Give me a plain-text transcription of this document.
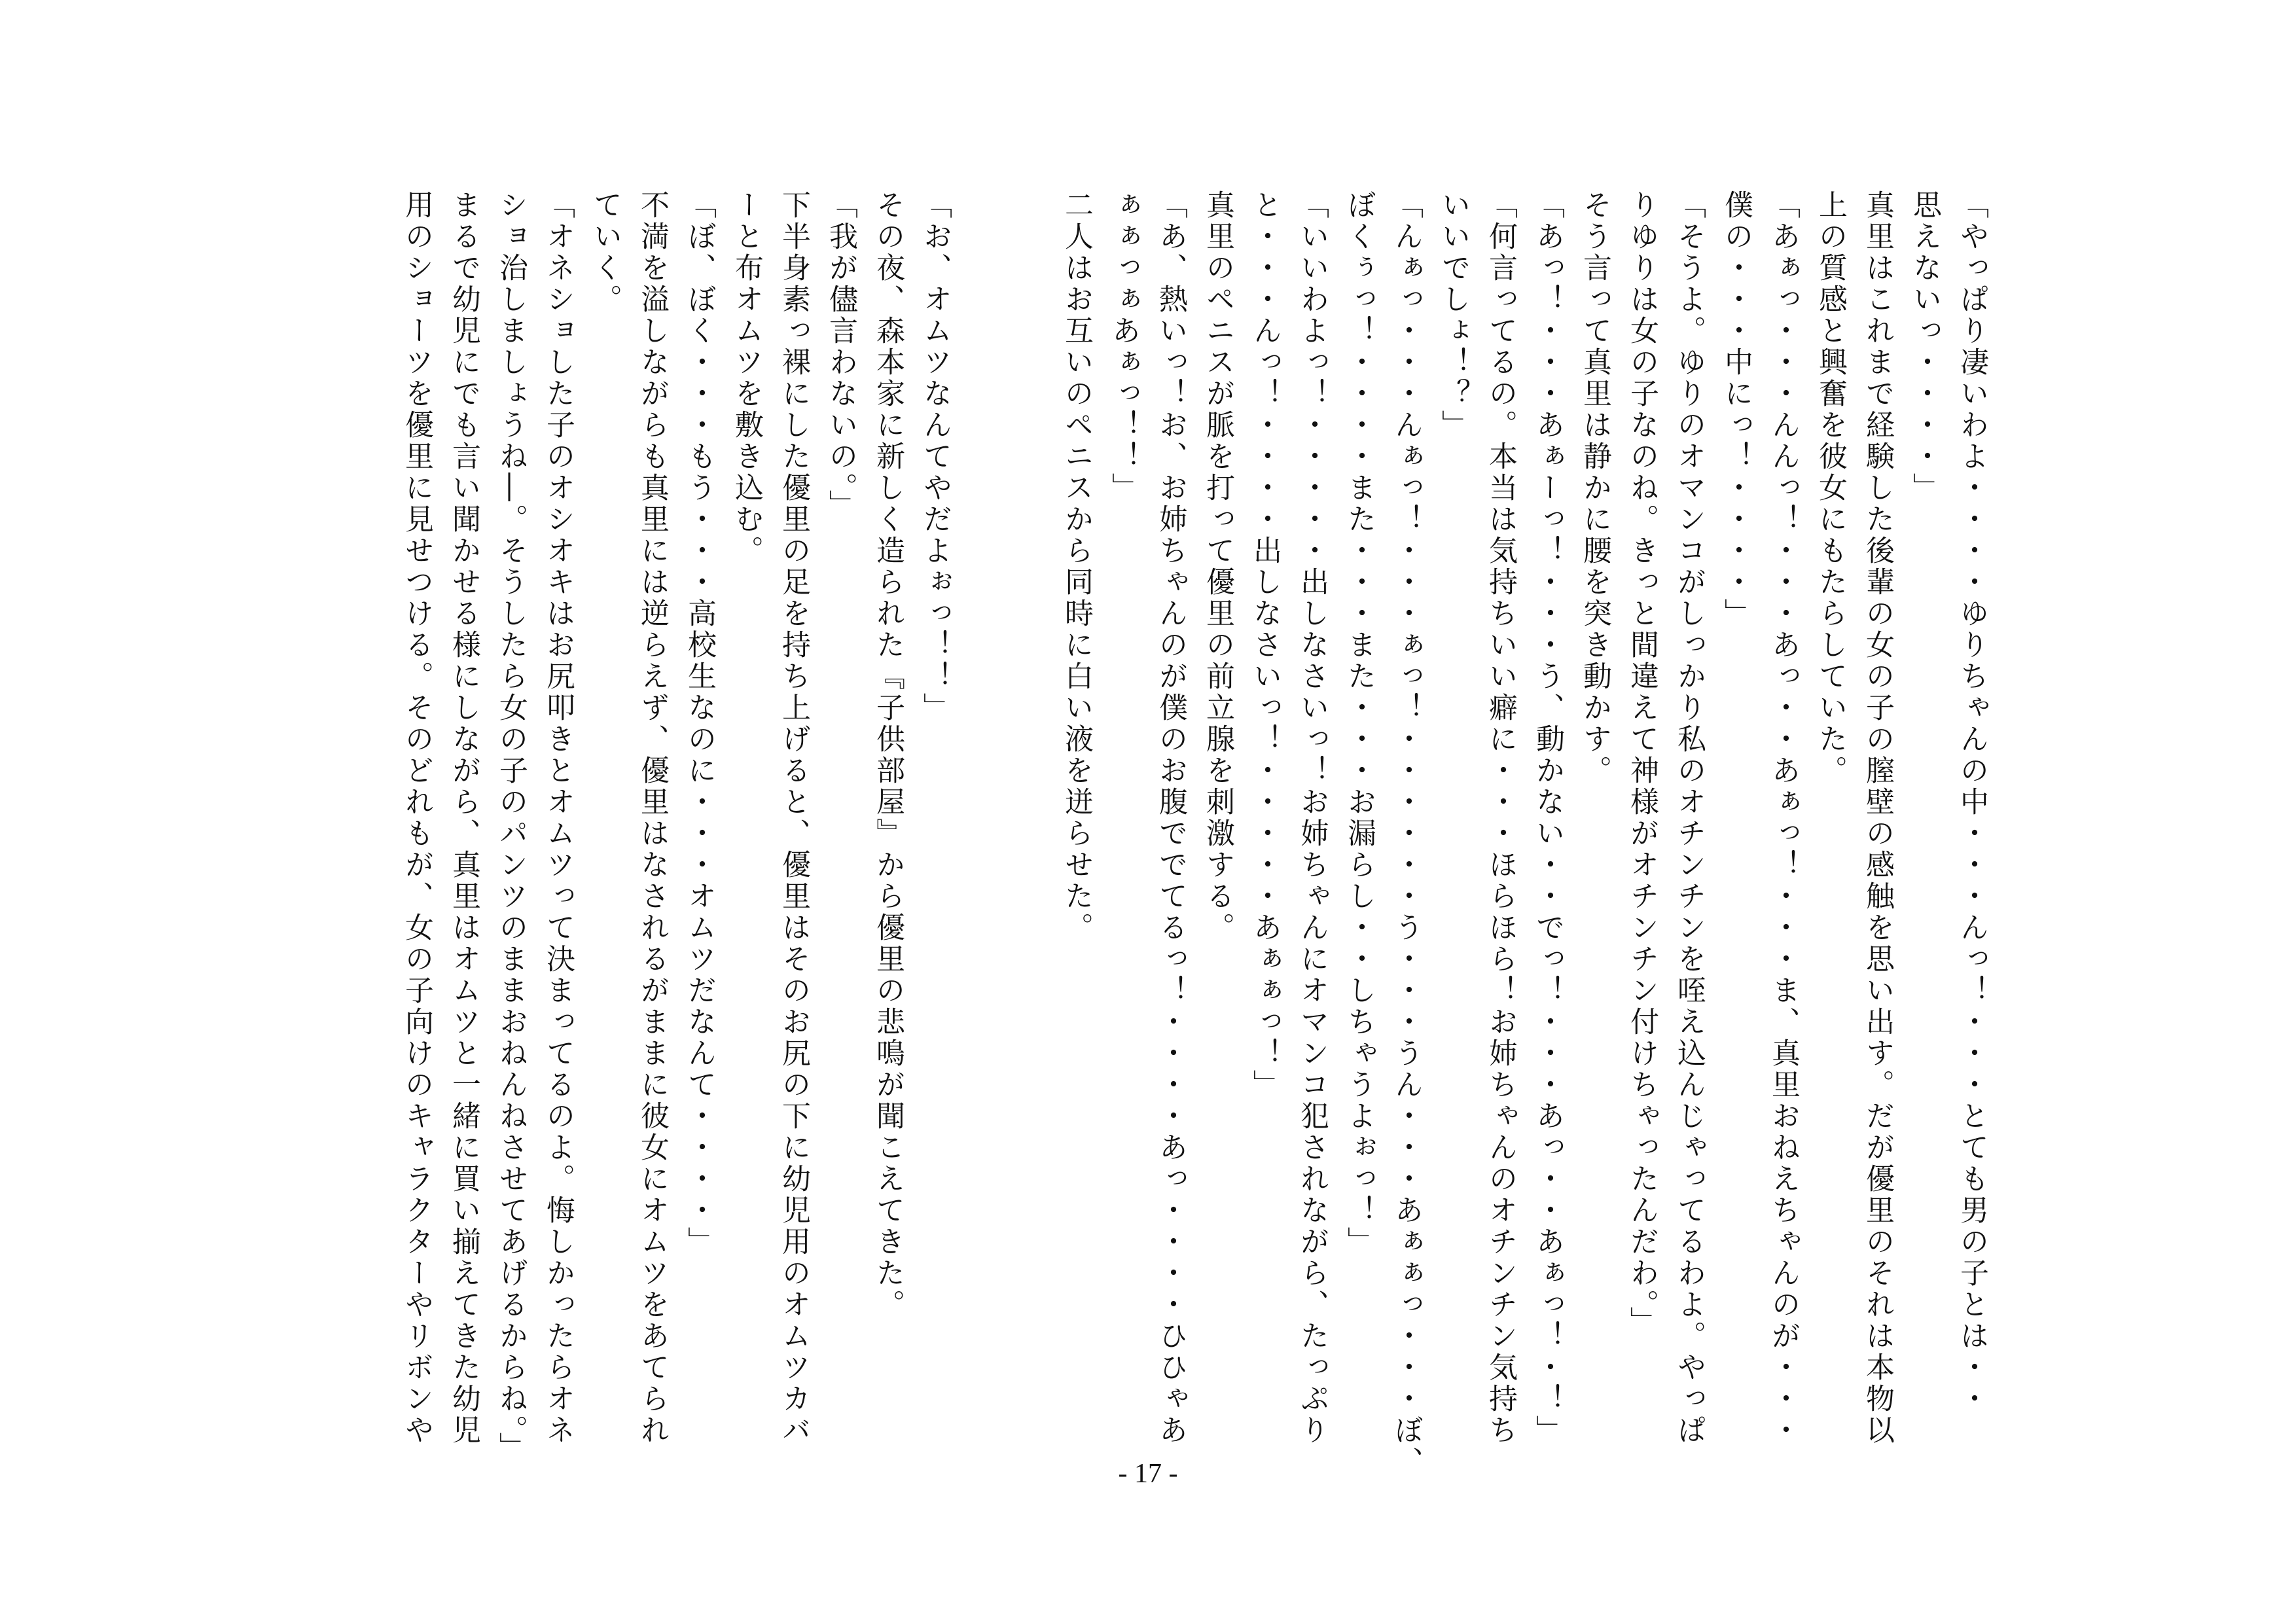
「やっぱり凄いわよ・・・・ゆりちゃんの中・・・んっ！・・・とても男の子とは・・
思えないっ・・・・」
真里はこれまで経験した後輩の女の子の膣壁の感触を思い出す。だが優里のそれは本物以
上の質感と興奮を彼女にもたらしていた。
「あぁっ・・・んんっ！・・・あっ・・あぁっ！・・・ま、真里おねえちゃんのが・・・
僕の・・・中にっ！・・・・」
「そうよ。ゆりのオマンコがしっかり私のオチンチンを咥え込んじゃってるわよ。やっぱ
りゆりは女の子なのね。きっと間違えて神様がオチンチン付けちゃったんだわ。」
そう言って真里は静かに腰を突き動かす。
「あっ！・・・あぁーっ！・・・う、動かない・・でっ！・・・あっ・・あぁっ！・！」
「何言ってるの。本当は気持ちいい癖に・・・ほらほら！お姉ちゃんのオチンチン気持ち
いいでしょ！？」
「んぁっ・・・んぁっ！・・・ぁっ！・・・・・・う・・・うん・・・あぁぁっ・・・ぼ、
ぼくぅっ！・・・・また・・・また・・・お漏らし・・しちゃうよぉっ！」
「いいわよっ！・・・・・出しなさいっ！お姉ちゃんにオマンコ犯されながら、たっぷり
と・・・んっ！・・・・出しなさいっ！・・・・・あぁぁっ！」
真里のペニスが脈を打って優里の前立腺を刺激する。
「あ、熱いっ！お、お姉ちゃんのが僕のお腹ででてるっ！・・・・あっ・・・・ひひゃあ
ぁぁっぁあぁっ！！」
二人はお互いのペニスから同時に白い液を迸らせた。
「お、オムツなんてやだよぉっ！！」
その夜、森本家に新しく造られた『子供部屋』から優里の悲鳴が聞こえてきた。
「我が儘言わないの。」
下半身素っ裸にした優里の足を持ち上げると、優里はそのお尻の下に幼児用のオムツカバ
ーと布オムツを敷き込む。
「ぼ、ぼく・・・もう・・・高校生なのに・・・オムツだなんて・・・・」
不満を溢しながらも真里には逆らえず、優里はなされるがままに彼女にオムツをあてられ
ていく。
「オネショした子のオシオキはお尻叩きとオムツって決まってるのよ。悔しかったらオネ
ショ治しましょうね―。そうしたら女の子のパンツのままおねんねさせてあげるからね。」
まるで幼児にでも言い聞かせる様にしながら、真里はオムツと一緒に買い揃えてきた幼児
用のショーツを優里に見せつける。そのどれもが、女の子向けのキャラクターやリボンや
- 17 -
